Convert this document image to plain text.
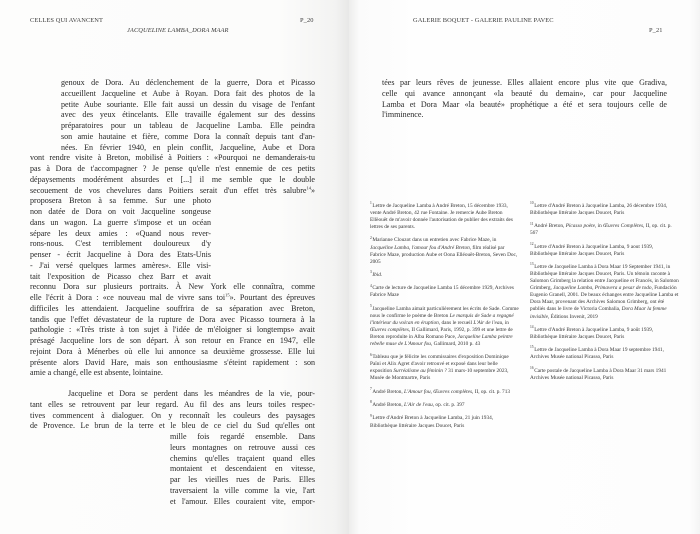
CELLES QUI AVANCENT
JACQUELINE LAMBA_DORA MAAR
P_20
genoux de Dora. Au déclenchement de la guerre, Dora et Picasso
accueillent Jacqueline et Aube à Royan. Dora fait des photos de la
petite Aube souriante. Elle fait aussi un dessin du visage de l'enfant
avec des yeux étincelants. Elle travaille également sur des dessins
préparatoires pour un tableau de Jacqueline Lamba. Elle peindra
son amie hautaine et fière, comme Dora la connaît depuis tant d'an-
nées. En février 1940, en plein conflit, Jacqueline, Aube et Dora
vont rendre visite à Breton, mobilisé à Poitiers : «Pourquoi ne demanderais-tu
pas à Dora de t'accompagner ? Je pense qu'elle n'est ennemie de ces petits
dépaysements modérément absurdes et [...] il me semble que le double
secouement de vos chevelures dans Poitiers serait d'un effet très salubre$^{14}$»
proposera Breton à sa femme. Sur une photo
non datée de Dora on voit Jacqueline songeuse
dans un wagon. La guerre s'impose et un océan
sépare les deux amies : «Quand nous rever-
rons-nous. C'est terriblement douloureux d'y
penser - écrit Jacqueline à Dora des Etats-Unis
- J'ai versé quelques larmes amères». Elle visi-
tait l'exposition de Picasso chez Barr et avait
reconnu Dora sur plusieurs portraits. À New York elle connaîtra, comme
elle l'écrit à Dora : «ce nouveau mal de vivre sans toi$^{15}$». Pourtant des épreuves
difficiles les attendaient. Jacqueline souffrira de sa séparation avec Breton,
tandis que l'effet dévastateur de la rupture de Dora avec Picasso tournera à la
pathologie : «Très triste à ton sujet à l'idée de m'éloigner si longtemps» avait
présagé Jacqueline lors de son départ. À son retour en France en 1947, elle
rejoint Dora à Ménerbes où elle lui annonce sa deuxième grossesse. Elle lui
présente alors David Hare, mais son enthousiasme s'éteint rapidement : son
amie a changé, elle est absente, lointaine.
Jacqueline et Dora se perdent dans les méandres de la vie, pour-
tant elles se retrouvent par leur regard. Au fil des ans leurs toiles respec-
tives commencent à dialoguer. On y reconnaît les couleurs des paysages
de Provence. Le brun de la terre et le bleu de ce ciel du Sud qu'elles ont
mille fois regardé ensemble. Dans
leurs montagnes on retrouve aussi ces
chemins qu'elles traçaient quand elles
montaient et descendaient en vitesse,
par les vieilles rues de Paris. Elles
traversaient la ville comme la vie, l'art
et l'amour. Elles couraient vite, empor-
GALERIE BOQUET - GALERIE PAULINE PAVEC
P_21
tées par leurs rêves de jeunesse. Elles allaient encore plus vite que Gradiva,
celle qui avance annonçant «la beauté du demain», car pour Jacqueline
Lamba et Dora Maar «la beauté» prophétique a été et sera toujours celle de
l'imminence.
$^1$Lettre de Jacqueline Lamba à André Breton, 15 décembre 1933, vente André Breton, 42 rue Fontaine. Je remercie Aube Breton Ellëouët de m'avoir donnée l'autorisation de publier des extraits des lettres de ses parents.
$^2$Marianne Clouzot dans un entretien avec Fabrice Maze, in Jacqueline Lamba, l'amour fou d'André Breton, film réalisé par Fabrice Maze, production Aube et Oona Elléouët-Breton, Seven Doc, 2005
$^3$Ibid.
$^4$Carte de lecture de Jacqueline Lamba 15 décembre 1929, Archives Fabrice Maze
$^5$Jacqueline Lamba aimait particulièrement les écrits de Sade. Comme nous le confirme le poème de Breton Le marquis de Sade a regagné l'intérieur du volcan en éruption, dans le recueil L'Air de l'eau, in Œuvres complètes, II Gallimard, Paris, 1992, p. 399 et une lettre de Breton reproduite in Alba Romano Pace, Jacqueline Lamba peintre rebelle muse de L'Amour fou, Gallimard, 2010 p. 43
$^6$Tableau que je félicite les commissaires d'exposition Dominique Païni et Alix Agret d'avoir retrouvé et exposé dans leur belle exposition Surréalisme au féminin ? 31 mars-10 septembre 2023, Musée de Montmartre, Paris
$^7$André Breton, L'Amour fou, Œuvres complètes, II, op. cit. p. 713
$^8$André Breton, L'Air de l'eau, op. cit. p. 397
$^9$Lettre d'André Breton à Jacqueline Lamba, 21 juin 1934, Bibliothèque littéraire Jacques Doucet, Paris
$^{10}$Lettre d'André Breton à Jacqueline Lamba, 26 décembre 1934, Bibliothèque littéraire Jacques Doucet, Paris
$^{11}$André Breton, Picasso poète, in Œuvres Complètes, II, op. cit. p. 567
$^{12}$Lettre d'André Breton à Jacqueline Lamba, 9 aout 1939, Bibliothèque littéraire Jacques Doucet, Paris
$^{13}$Lettre de Jacqueline Lamba à Dora Maar 19 September 1941, in Bibliothèque littéraire Jacques Doucet, Paris. Un témoin raconte à Salomon Grimberg la relation entre Jacqueline et Francés, in Salomon Grimberg, Jacqueline Lamba, Primavera a pesar de todo, Fundación Eugenio Granell, 2001. De beaux échanges entre Jacqueline Lamba et Dora Maar, provenant des Archives Salomon Grimberg, ont été publiés dans le livre de Victoria Combalia, Dora Maar la femme invisible, Éditions Invenit, 2019
$^{14}$Lettre d'André Breton à Jacqueline Lamba, 9 août 1939, Bibliothèque littéraire Jacques Doucet, Paris
$^{15}$Lettre de Jacqueline Lamba à Dora Maar 19 septembre 1941, Archives Musée national Picasso, Paris
$^{16}$Carte postale de Jacqueline Lamba à Dora Maar 31 mars 1941 Archives Musée national Picasso, Paris
